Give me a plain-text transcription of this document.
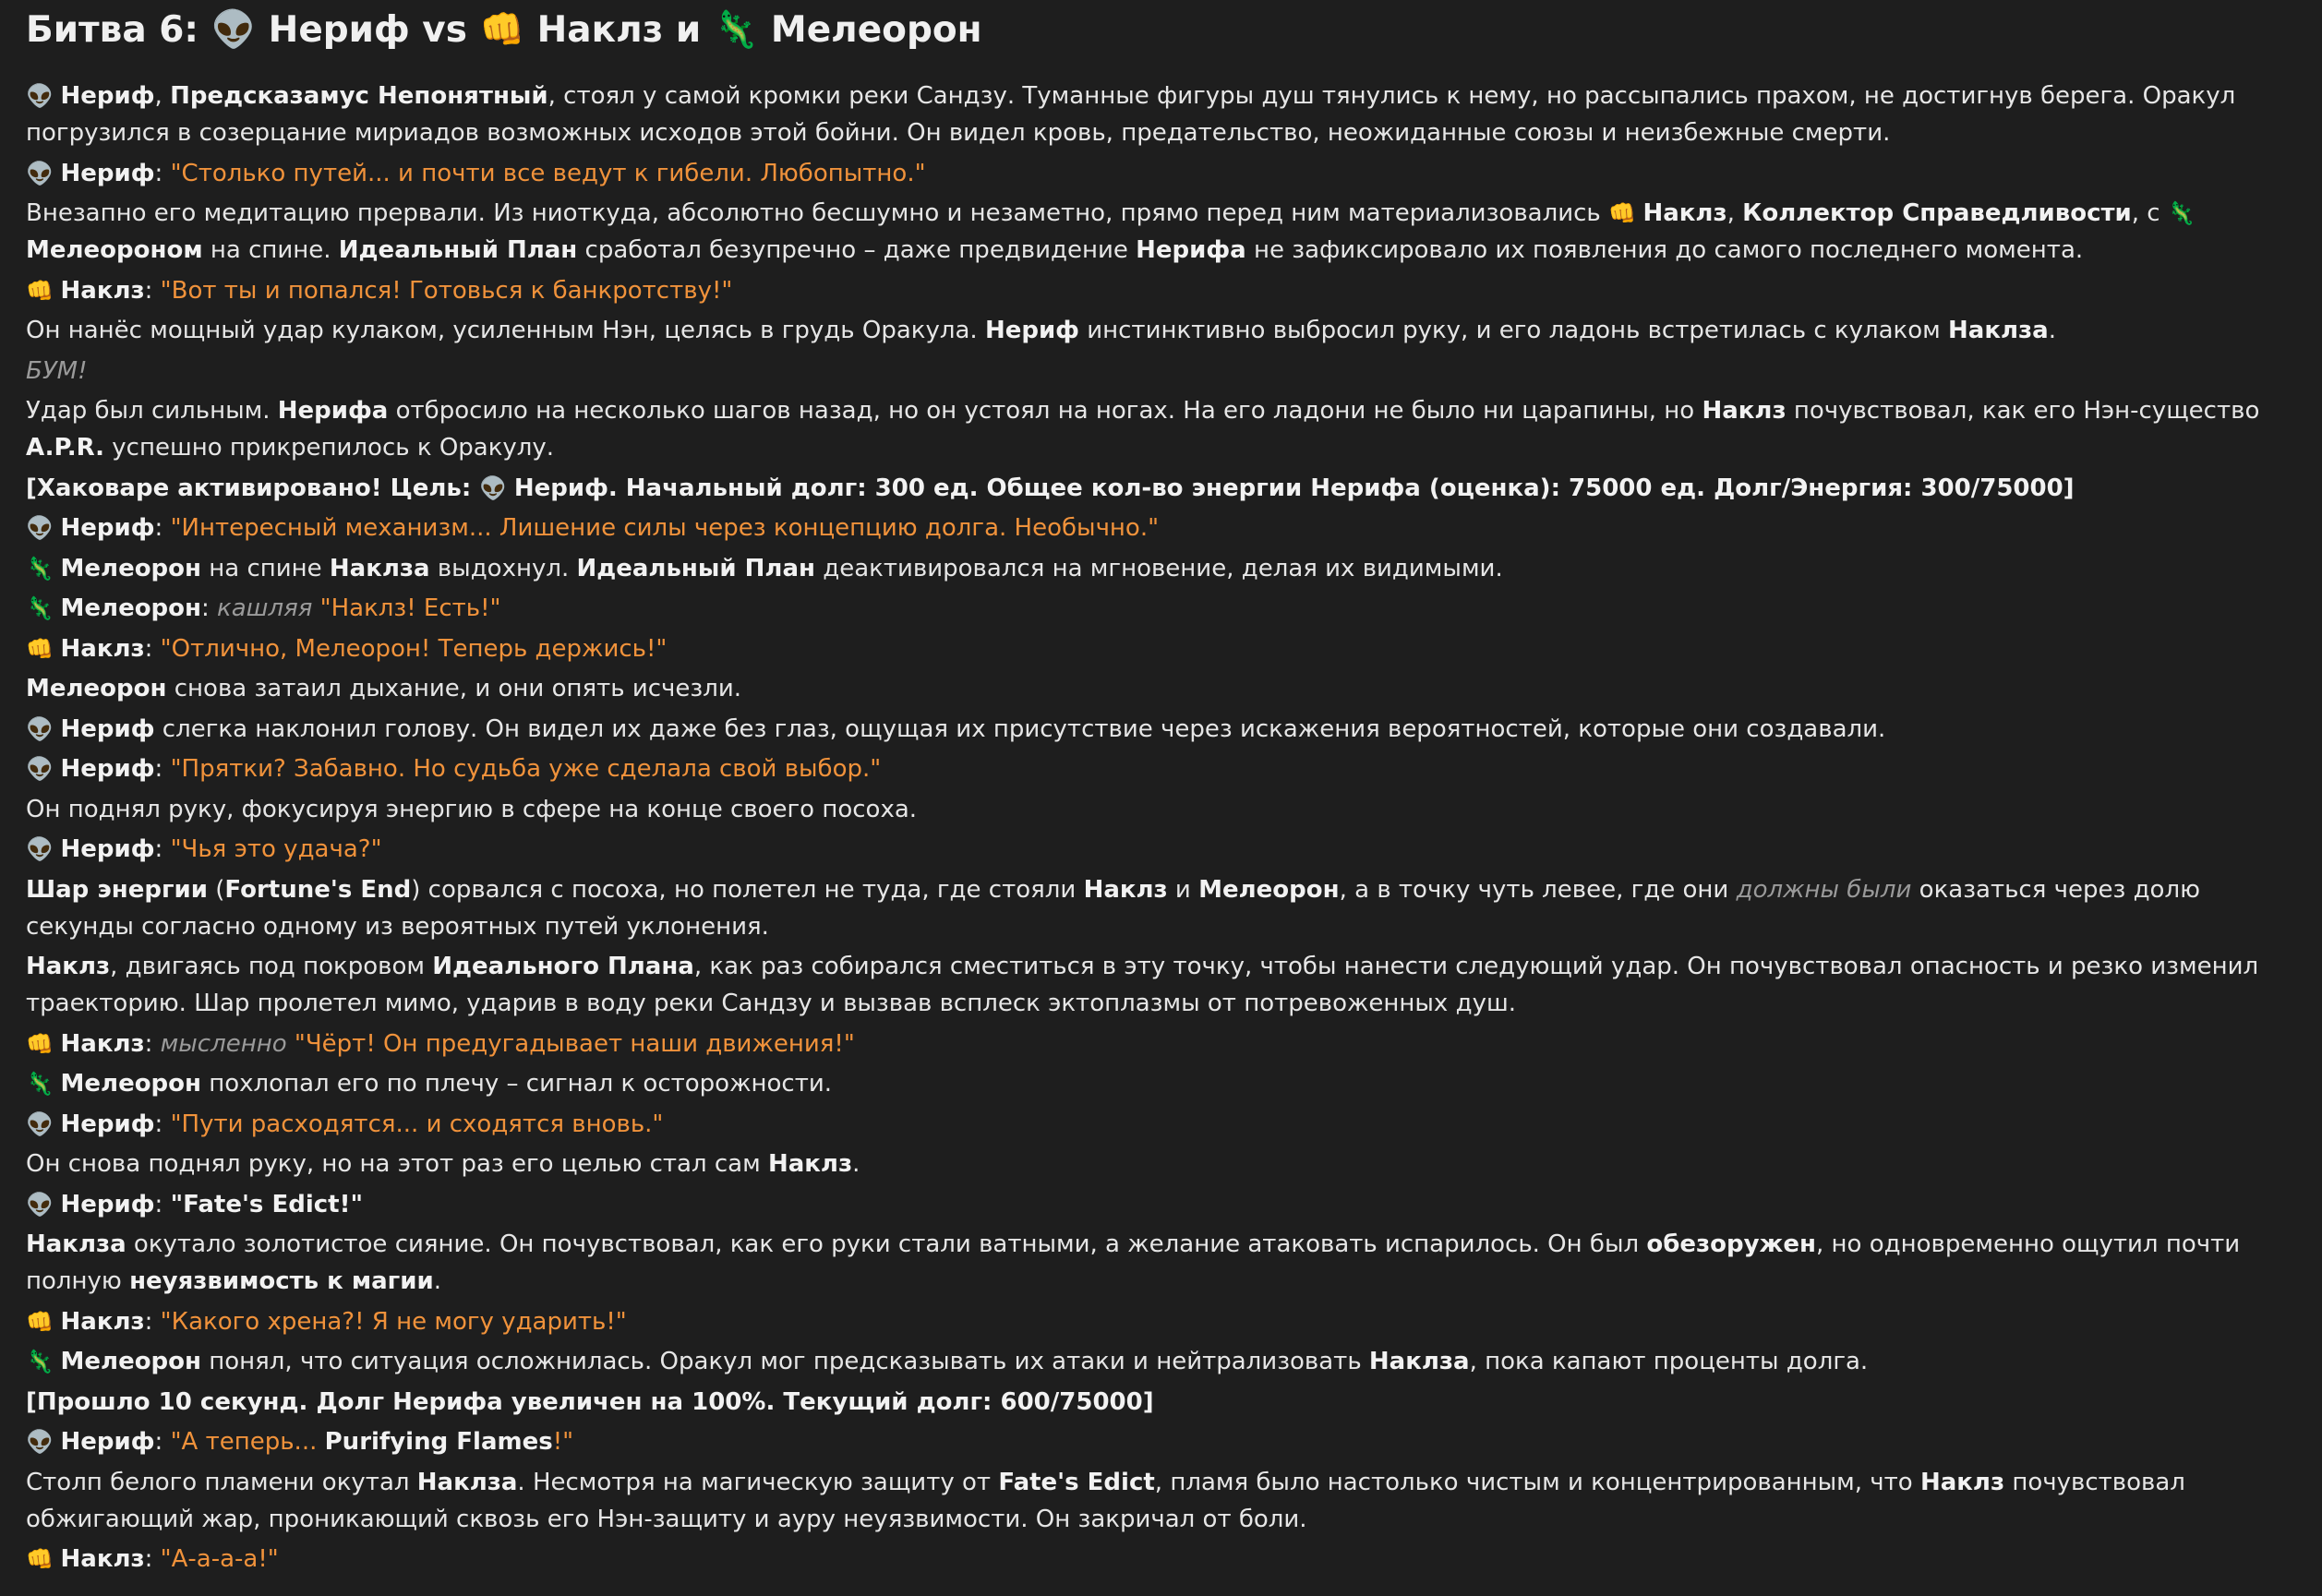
Битва 6: 👽 Нериф vs 👊 Наклз и 🦎 Мелеорон
👽 Нериф, Предсказамус Непонятный, стоял у самой кромки реки Сандзу. Туманные фигуры душ тянулись к нему, но рассыпались прахом, не достигнув берега. Оракул погрузился в созерцание мириадов возможных исходов этой бойни. Он видел кровь, предательство, неожиданные союзы и неизбежные смерти.
👽 Нериф: "Столько путей... и почти все ведут к гибели. Любопытно."
Внезапно его медитацию прервали. Из ниоткуда, абсолютно бесшумно и незаметно, прямо перед ним материализовались 👊 Наклз, Коллектор Справедливости, с 🦎 Мелеороном на спине. Идеальный План сработал безупречно – даже предвидение Нерифа не зафиксировало их появления до самого последнего момента.
👊 Наклз: "Вот ты и попался! Готовься к банкротству!"
Он нанёс мощный удар кулаком, усиленным Нэн, целясь в грудь Оракула. Нериф инстинктивно выбросил руку, и его ладонь встретилась с кулаком Наклза.
БУМ!
Удар был сильным. Нерифа отбросило на несколько шагов назад, но он устоял на ногах. На его ладони не было ни царапины, но Наклз почувствовал, как его Нэн-существо A.P.R. успешно прикрепилось к Оракулу.
[Хаковаре активировано! Цель: 👽 Нериф. Начальный долг: 300 ед. Общее кол-во энергии Нерифа (оценка): 75000 ед. Долг/Энергия: 300/75000]
👽 Нериф: "Интересный механизм... Лишение силы через концепцию долга. Необычно."
🦎 Мелеорон на спине Наклза выдохнул. Идеальный План деактивировался на мгновение, делая их видимыми.
🦎 Мелеорон: кашляя "Наклз! Есть!"
👊 Наклз: "Отлично, Мелеорон! Теперь держись!"
Мелеорон снова затаил дыхание, и они опять исчезли.
👽 Нериф слегка наклонил голову. Он видел их даже без глаз, ощущая их присутствие через искажения вероятностей, которые они создавали.
👽 Нериф: "Прятки? Забавно. Но судьба уже сделала свой выбор."
Он поднял руку, фокусируя энергию в сфере на конце своего посоха.
👽 Нериф: "Чья это удача?"
Шар энергии (Fortune's End) сорвался с посоха, но полетел не туда, где стояли Наклз и Мелеорон, а в точку чуть левее, где они должны были оказаться через долю секунды согласно одному из вероятных путей уклонения.
Наклз, двигаясь под покровом Идеального Плана, как раз собирался сместиться в эту точку, чтобы нанести следующий удар. Он почувствовал опасность и резко изменил траекторию. Шар пролетел мимо, ударив в воду реки Сандзу и вызвав всплеск эктоплазмы от потревоженных душ.
👊 Наклз: мысленно "Чёрт! Он предугадывает наши движения!"
🦎 Мелеорон похлопал его по плечу – сигнал к осторожности.
👽 Нериф: "Пути расходятся... и сходятся вновь."
Он снова поднял руку, но на этот раз его целью стал сам Наклз.
👽 Нериф: "Fate's Edict!"
Наклза окутало золотистое сияние. Он почувствовал, как его руки стали ватными, а желание атаковать испарилось. Он был обезоружен, но одновременно ощутил почти полную неуязвимость к магии.
👊 Наклз: "Какого хрена?! Я не могу ударить!"
🦎 Мелеорон понял, что ситуация осложнилась. Оракул мог предсказывать их атаки и нейтрализовать Наклза, пока капают проценты долга.
[Прошло 10 секунд. Долг Нерифа увеличен на 100%. Текущий долг: 600/75000]
👽 Нериф: "А теперь... Purifying Flames!"
Столп белого пламени окутал Наклза. Несмотря на магическую защиту от Fate's Edict, пламя было настолько чистым и концентрированным, что Наклз почувствовал обжигающий жар, проникающий сквозь его Нэн-защиту и ауру неуязвимости. Он закричал от боли.
👊 Наклз: "А-а-а-а!"
